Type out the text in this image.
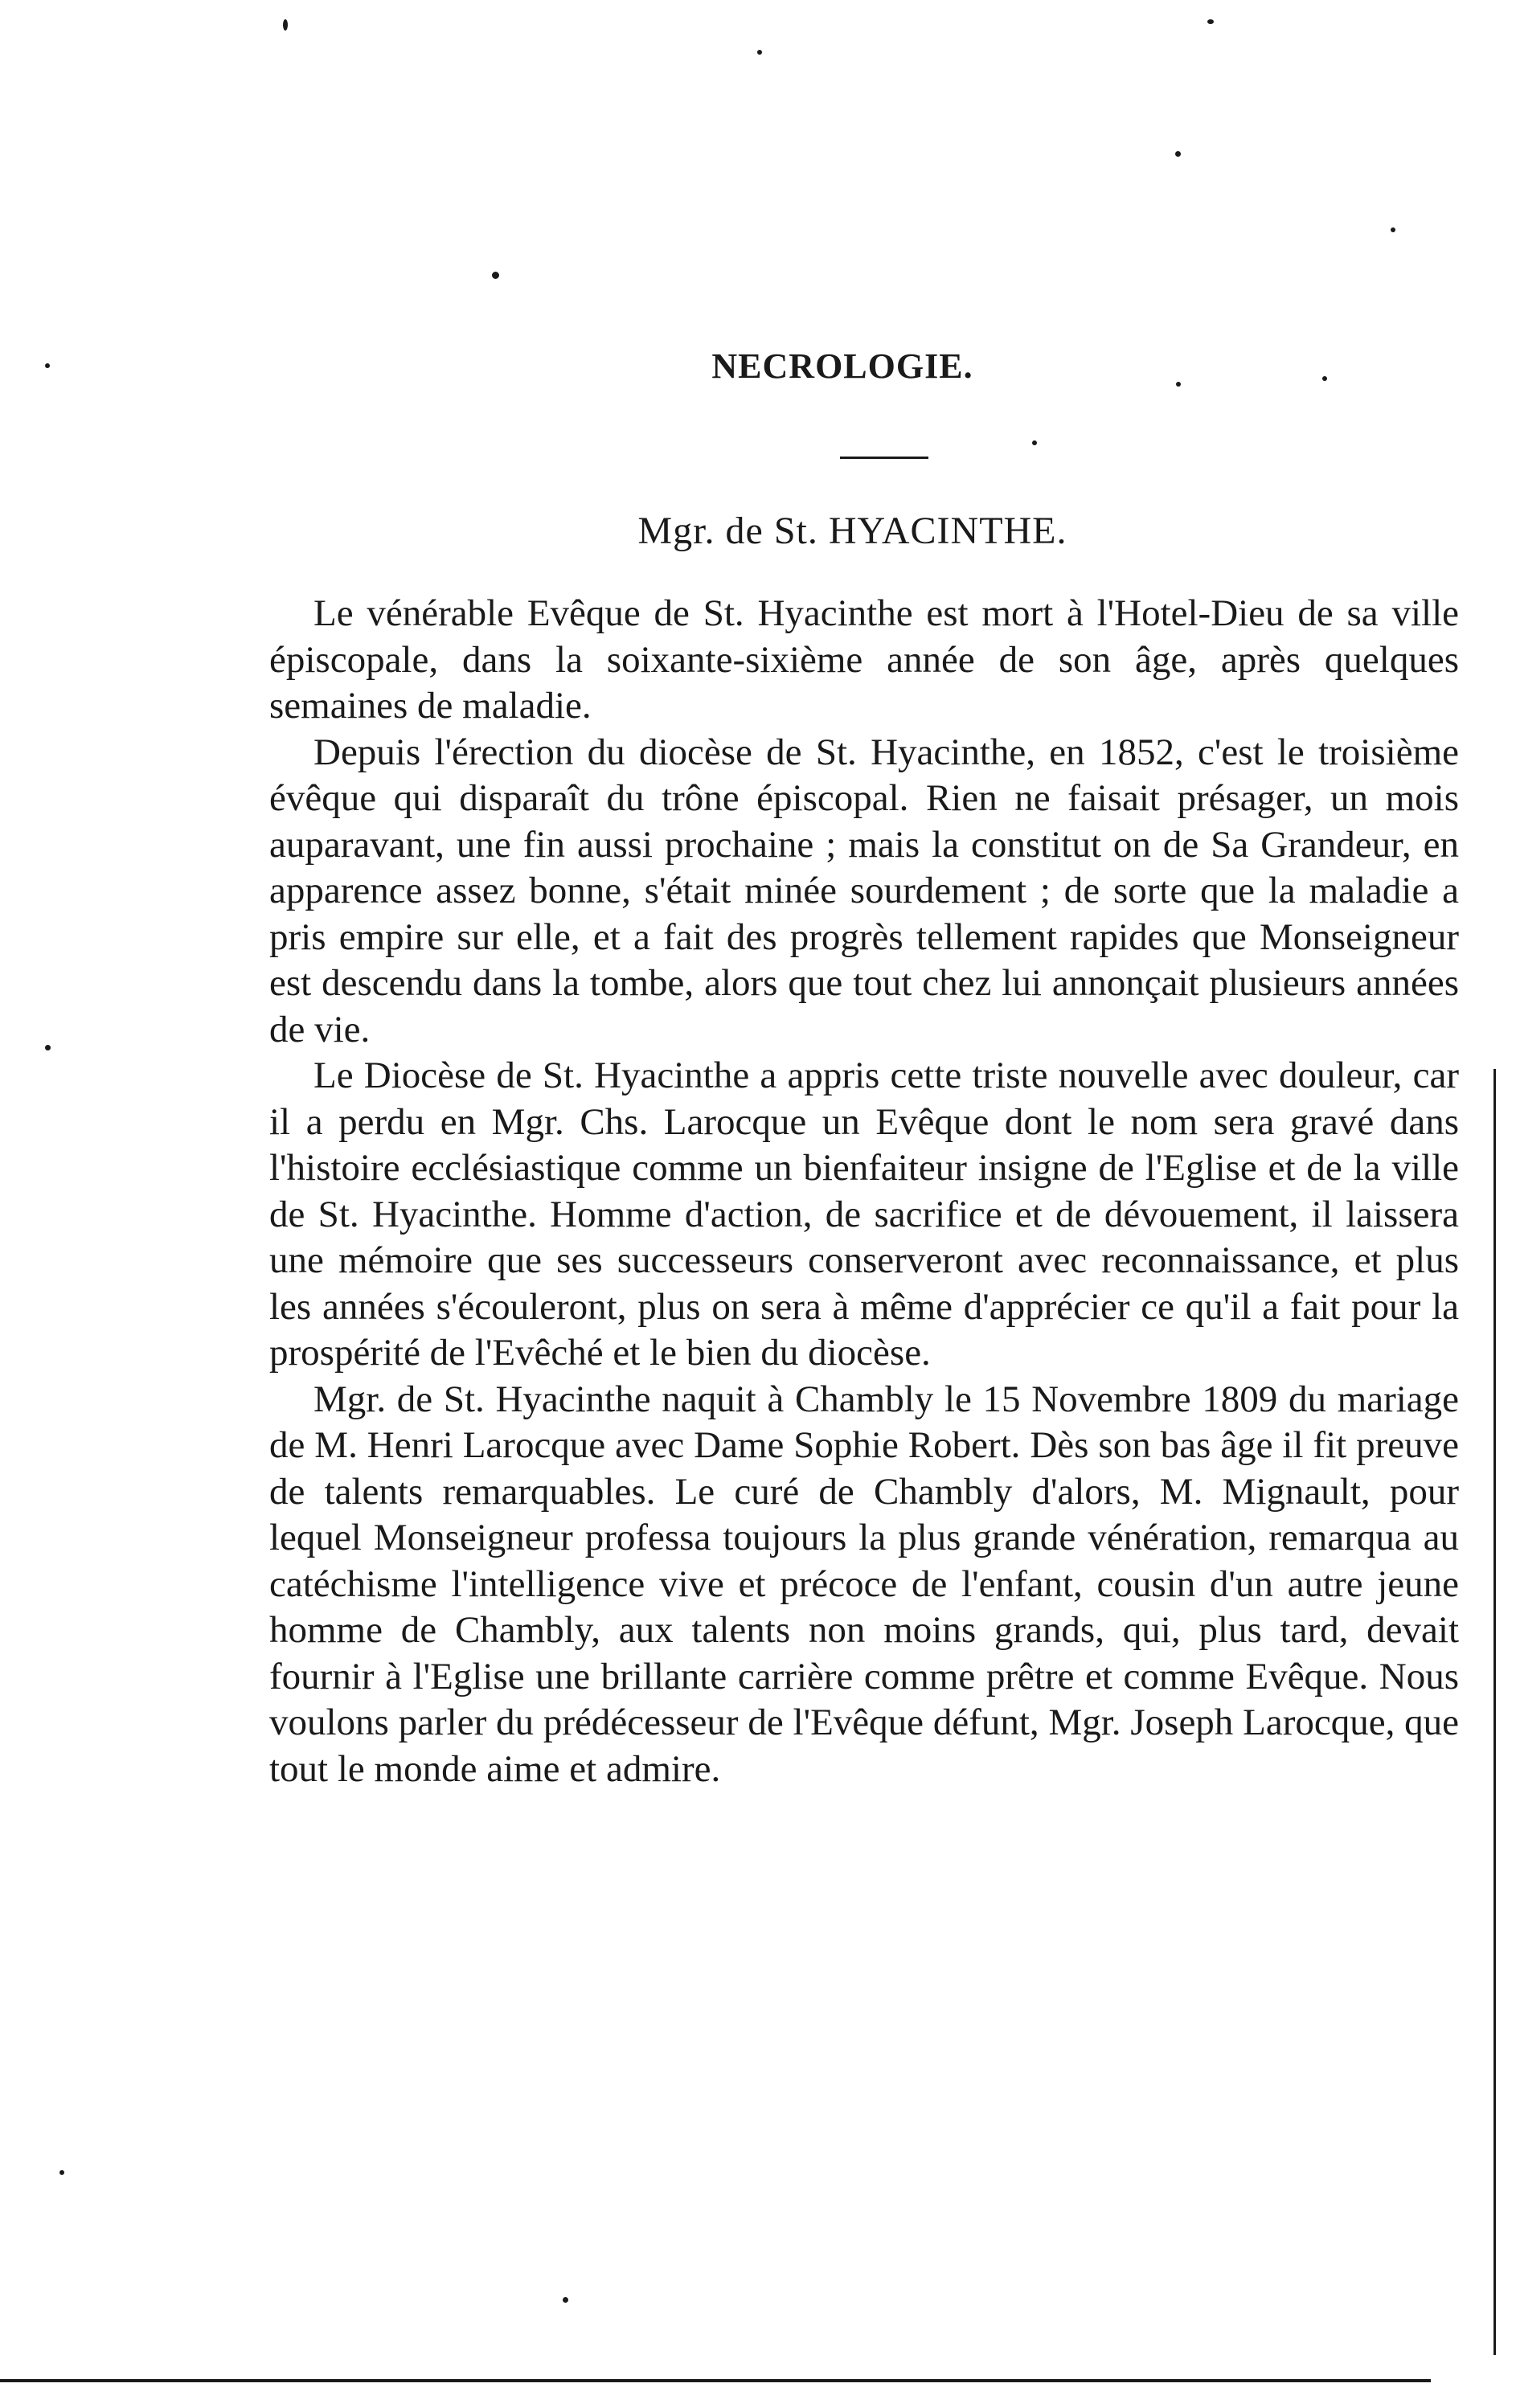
NECROLOGIE.
Mgr. de St. HYACINTHE.

Le vénérable Evêque de St. Hyacinthe est mort à l'Hotel-Dieu de sa ville épiscopale, dans la soixante-sixième année de son âge, après quelques semaines de maladie.

Depuis l'érection du diocèse de St. Hyacinthe, en 1852, c'est le troisième évêque qui disparaît du trône épiscopal. Rien ne faisait présager, un mois auparavant, une fin aussi prochaine ; mais la constitut on de Sa Grandeur, en apparence assez bonne, s'était minée sourdement ; de sorte que la maladie a pris empire sur elle, et a fait des progrès tellement rapides que Monseigneur est descendu dans la tombe, alors que tout chez lui annonçait plusieurs années de vie.

Le Diocèse de St. Hyacinthe a appris cette triste nouvelle avec douleur, car il a perdu en Mgr. Chs. Larocque un Evêque dont le nom sera gravé dans l'histoire ecclésiastique comme un bienfaiteur insigne de l'Eglise et de la ville de St. Hyacinthe. Homme d'action, de sacrifice et de dévouement, il laissera une mémoire que ses successeurs conserveront avec reconnaissance, et plus les années s'écouleront, plus on sera à même d'apprécier ce qu'il a fait pour la prospérité de l'Evêché et le bien du diocèse.

Mgr. de St. Hyacinthe naquit à Chambly le 15 Novembre 1809 du mariage de M. Henri Larocque avec Dame Sophie Robert. Dès son bas âge il fit preuve de talents remarquables. Le curé de Chambly d'alors, M. Mignault, pour lequel Monseigneur professa toujours la plus grande vénération, remarqua au catéchisme l'intelligence vive et précoce de l'enfant, cousin d'un autre jeune homme de Chambly, aux talents non moins grands, qui, plus tard, devait fournir à l'Eglise une brillante carrière comme prêtre et comme Evêque. Nous voulons parler du prédécesseur de l'Evêque défunt, Mgr. Joseph Larocque, que tout le monde aime et admire.
